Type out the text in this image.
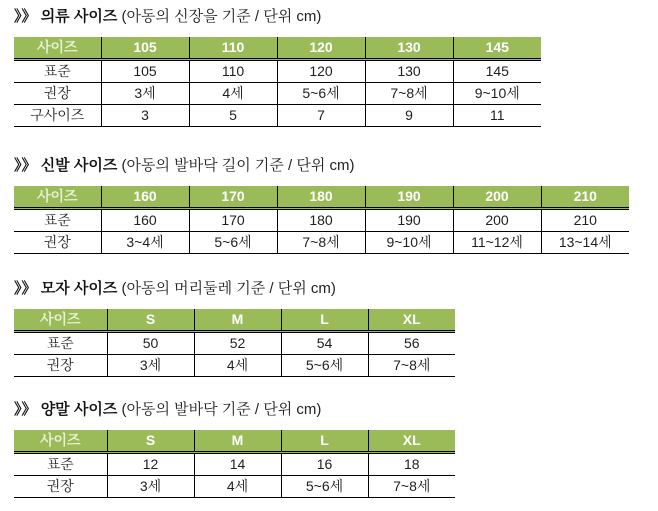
》》 의류 사이즈 (아동의 신장을 기준 / 단위 cm)
사이즈	105	110	120	130	145
표준	105	110	120	130	145
권장	3세	4세	5~6세	7~8세	9~10세
구사이즈	3	5	7	9	11
》》 신발 사이즈 (아동의 발바닥 길이 기준 / 단위 cm)
사이즈	160	170	180	190	200	210
표준	160	170	180	190	200	210
권장	3~4세	5~6세	7~8세	9~10세	11~12세	13~14세
》》 모자 사이즈 (아동의 머리둘레 기준 / 단위 cm)
사이즈	S	M	L	XL
표준	50	52	54	56
권장	3세	4세	5~6세	7~8세
》》 양말 사이즈 (아동의 발바닥 기준 / 단위 cm)
사이즈	S	M	L	XL
표준	12	14	16	18
권장	3세	4세	5~6세	7~8세
